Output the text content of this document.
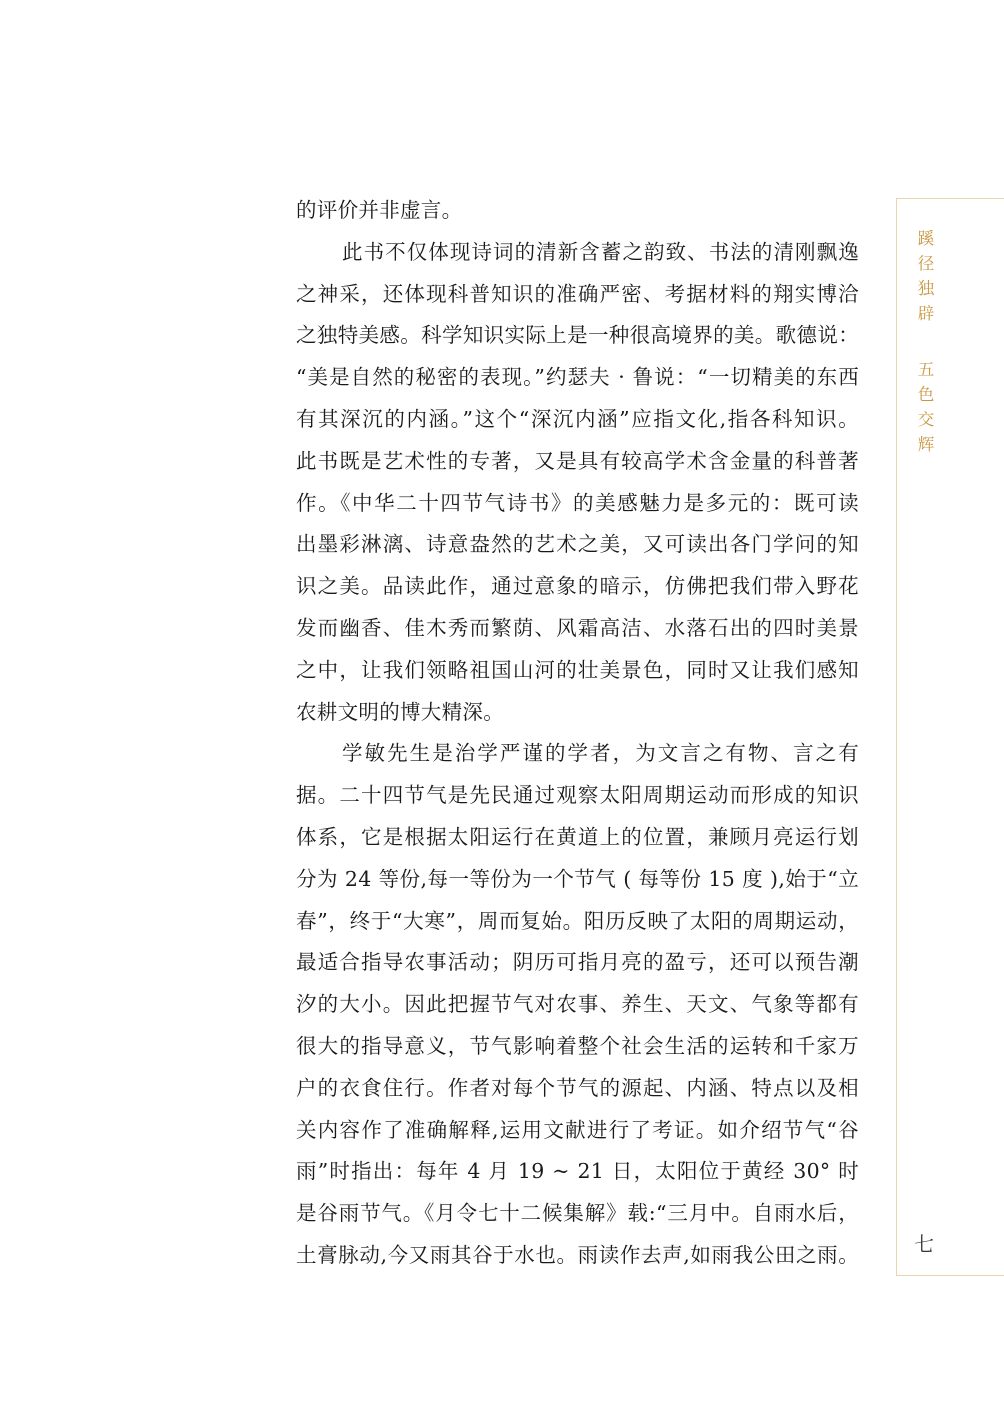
的评价并非虚言。
此书不仅体现诗词的清新含蓄之韵致、书法的清刚飘逸
之神采，还体现科普知识的准确严密、考据材料的翔实博洽
之独特美感。科学知识实际上是一种很高境界的美。歌德说：
“美是自然的秘密的表现。”约瑟夫 · 鲁说：“一切精美的东西
有其深沉的内涵。”这个“深沉内涵”应指文化,指各科知识。
此书既是艺术性的专著，又是具有较高学术含金量的科普著
作。《中华二十四节气诗书》的美感魅力是多元的：既可读
出墨彩淋漓、诗意盎然的艺术之美，又可读出各门学问的知
识之美。品读此作，通过意象的暗示，仿佛把我们带入野花
发而幽香、佳木秀而繁荫、风霜高洁、水落石出的四时美景
之中，让我们领略祖国山河的壮美景色，同时又让我们感知
农耕文明的博大精深。
学敏先生是治学严谨的学者，为文言之有物、言之有
据。二十四节气是先民通过观察太阳周期运动而形成的知识
体系，它是根据太阳运行在黄道上的位置，兼顾月亮运行划
分为 24 等份,每一等份为一个节气 ( 每等份 15 度 ),始于“立
春”，终于“大寒”，周而复始。阳历反映了太阳的周期运动，
最适合指导农事活动；阴历可指月亮的盈亏，还可以预告潮
汐的大小。因此把握节气对农事、养生、天文、气象等都有
很大的指导意义，节气影响着整个社会生活的运转和千家万
户的衣食住行。作者对每个节气的源起、内涵、特点以及相
关内容作了准确解释,运用文献进行了考证。如介绍节气“谷
雨”时指出：每年 4 月 19 ~ 21 日，太阳位于黄经 30° 时
是谷雨节气。《月令七十二候集解》载:“三月中。自雨水后，
土膏脉动,今又雨其谷于水也。雨读作去声,如雨我公田之雨。
蹊
径
独
辟
五
色
交
辉
七
